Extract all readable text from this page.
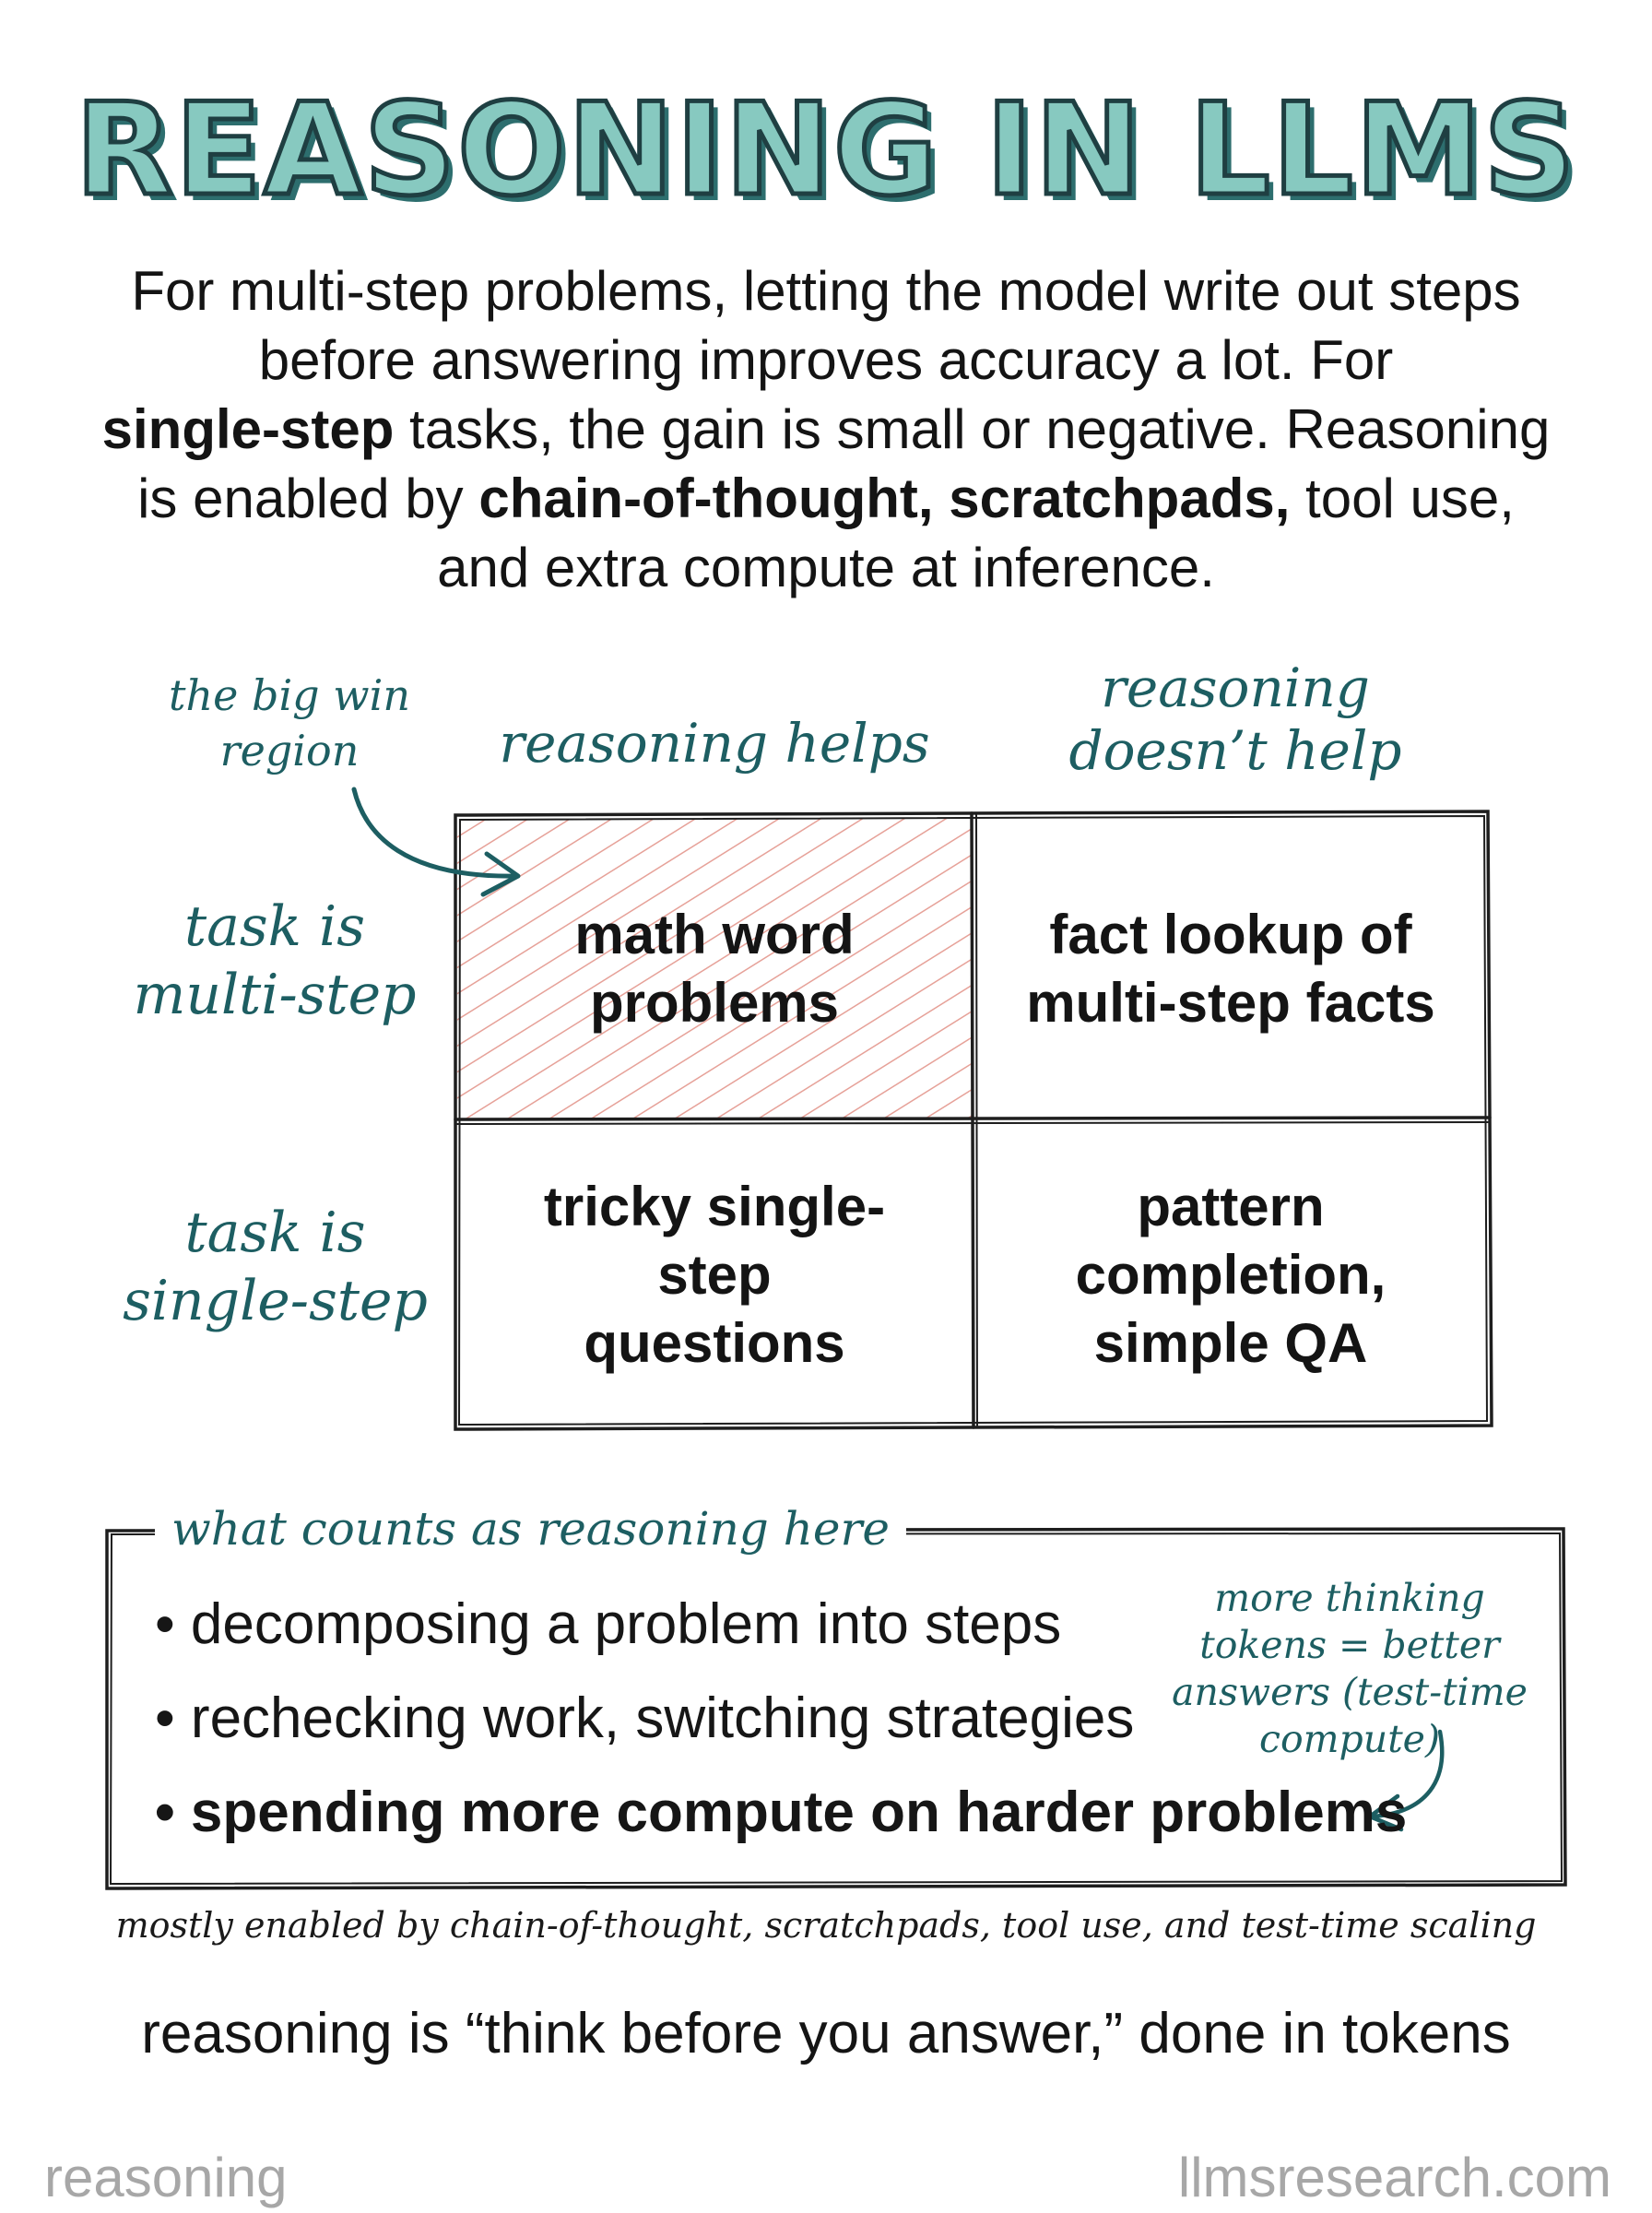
REASONING IN LLMS
For multi-step problems, letting the model write out steps before answering improves accuracy a lot. For
single-step tasks, the gain is small or negative. Reasoning is enabled by chain-of-thought, scratchpads, tool use, and extra compute at inference.
the big win region	reasoning helps
reasoning doesn’t help
task is multi-step
task is single-step
math word problems
fact lookup of multi-step facts
tricky single-step questions
pattern completion, simple QA
what counts as reasoning here
• decomposing a problem into steps
• rechecking work, switching strategies
• spending more compute on harder problems
more thinking tokens = better answers (test-time compute)
mostly enabled by chain-of-thought, scratchpads, tool use, and test-time scaling
reasoning is “think before you answer,” done in tokens
reasoning	llmsresearch.com
